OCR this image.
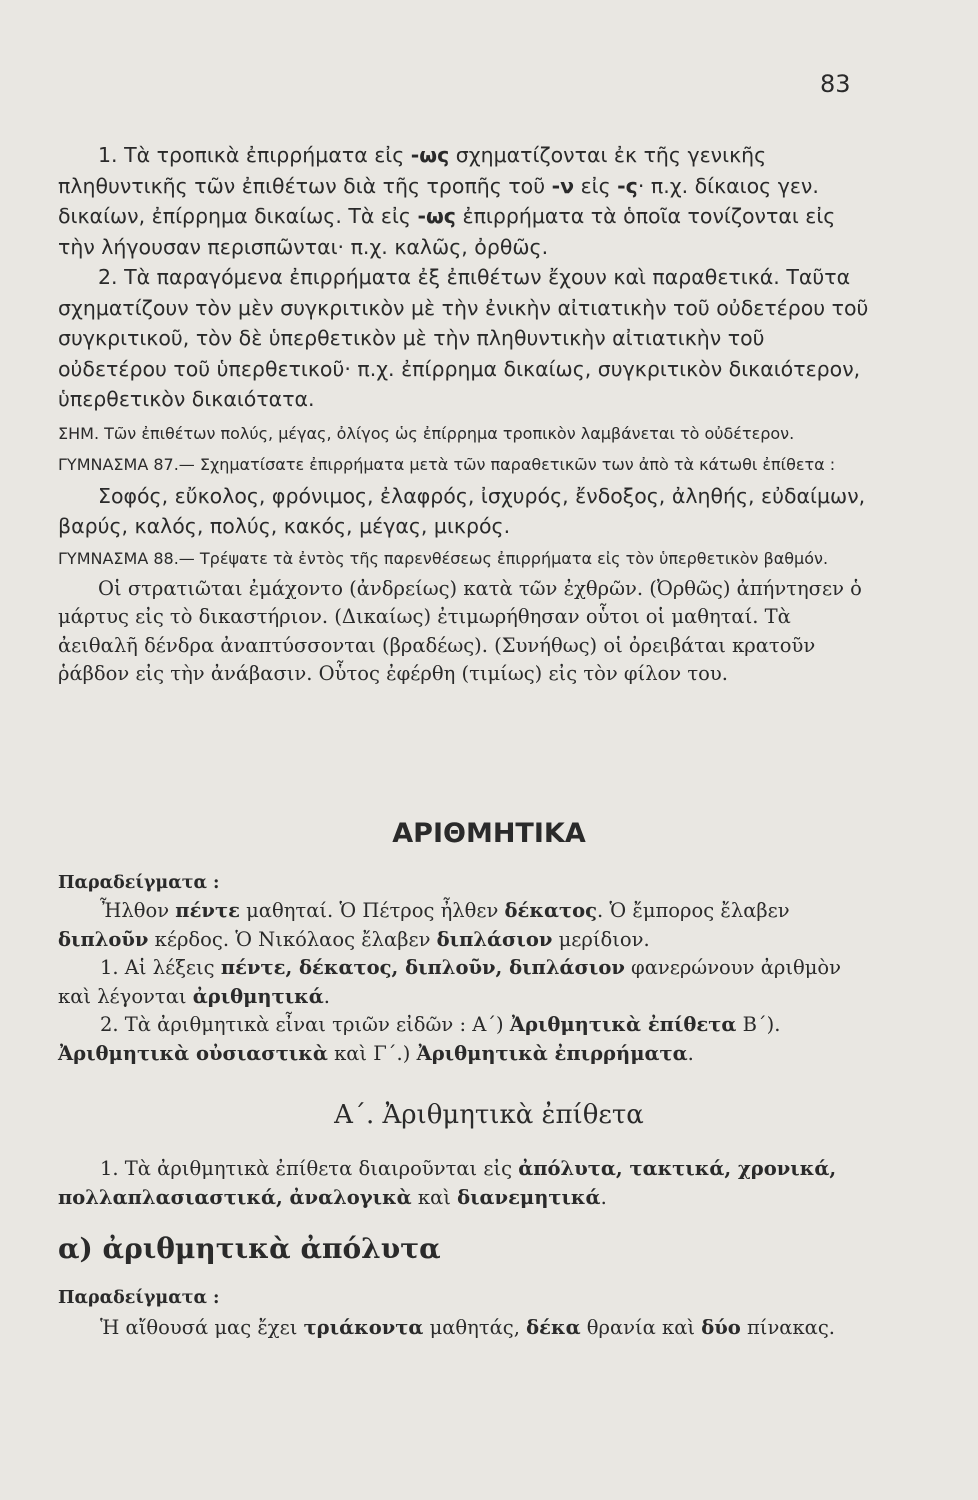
83

1. Τὰ τροπικὰ ἐπιρρήματα εἰς -ως σχηματίζονται ἐκ τῆς γενικῆς πληθυντικῆς τῶν ἐπιθέτων διὰ τῆς τροπῆς τοῦ -ν εἰς -ς· π.χ. δίκαιος γεν. δικαίων, ἐπίρρημα δικαίως. Τὰ εἰς -ως ἐπιρρήματα τὰ ὁποῖα τονίζονται εἰς τὴν λήγουσαν περισπῶνται· π.χ. καλῶς, ὀρθῶς.

2. Τὰ παραγόμενα ἐπιρρήματα ἐξ ἐπιθέτων ἔχουν καὶ παραθετικά. Ταῦτα σχηματίζουν τὸν μὲν συγκριτικὸν μὲ τὴν ἐνικὴν αἰτιατικὴν τοῦ οὐδετέρου τοῦ συγκριτικοῦ, τὸν δὲ ὑπερθετικὸν μὲ τὴν πληθυντικὴν αἰτιατικὴν τοῦ οὐδετέρου τοῦ ὑπερθετικοῦ· π.χ. ἐπίρρημα δικαίως, συγκριτικὸν δικαιότερον, ὑπερθετικὸν δικαιότατα.

ΣΗΜ. Τῶν ἐπιθέτων πολύς, μέγας, ὀλίγος ὡς ἐπίρρημα τροπικὸν λαμβάνεται τὸ οὐδέτερον.

ΓΥΜΝΑΣΜΑ 87.— Σχηματίσατε ἐπιρρήματα μετὰ τῶν παραθετικῶν των ἀπὸ τὰ κάτωθι ἐπίθετα :

Σοφός, εὔκολος, φρόνιμος, ἐλαφρός, ἰσχυρός, ἔνδοξος, ἀληθής, εὐδαίμων, βαρύς, καλός, πολύς, κακός, μέγας, μικρός.

ΓΥΜΝΑΣΜΑ 88.— Τρέψατε τὰ ἐντὸς τῆς παρενθέσεως ἐπιρρήματα εἰς τὸν ὑπερθετικὸν βαθμόν.

Οἱ στρατιῶται ἐμάχοντο (ἀνδρείως) κατὰ τῶν ἐχθρῶν. (Ὀρθῶς) ἀπήντησεν ὁ μάρτυς εἰς τὸ δικαστήριον. (Δικαίως) ἐτιμωρήθησαν οὗτοι οἱ μαθηταί. Τὰ ἀειθαλῆ δένδρα ἀναπτύσσονται (βραδέως). (Συνήθως) οἱ ὀρειβάται κρατοῦν ῥάβδον εἰς τὴν ἀνάβασιν. Οὗτος ἐφέρθη (τιμίως) εἰς τὸν φίλον του.

ΑΡΙΘΜΗΤΙΚΑ

Παραδείγματα :

Ἦλθον πέντε μαθηταί. Ὁ Πέτρος ἦλθεν δέκατος. Ὁ ἔμπορος ἔλαβεν διπλοῦν κέρδος. Ὁ Νικόλαος ἔλαβεν διπλάσιον μερίδιον.

1. Αἱ λέξεις πέντε, δέκατος, διπλοῦν, διπλάσιον φανερώνουν ἀριθμὸν καὶ λέγονται ἀριθμητικά.

2. Τὰ ἀριθμητικὰ εἶναι τριῶν εἰδῶν : Α΄) Ἀριθμητικὰ ἐπίθετα Β΄). Ἀριθμητικὰ οὐσιαστικὰ καὶ Γ΄.) Ἀριθμητικὰ ἐπιρρήματα.

Α΄. Ἀριθμητικὰ ἐπίθετα

1. Τὰ ἀριθμητικὰ ἐπίθετα διαιροῦνται εἰς ἀπόλυτα, τακτικά, χρονικά, πολλαπλασιαστικά, ἀναλογικὰ καὶ διανεμητικά.

α) ἀριθμητικὰ ἀπόλυτα

Παραδείγματα :

Ἡ αἴθουσά μας ἔχει τριάκοντα μαθητάς, δέκα θρανία καὶ δύο πίνακας.
